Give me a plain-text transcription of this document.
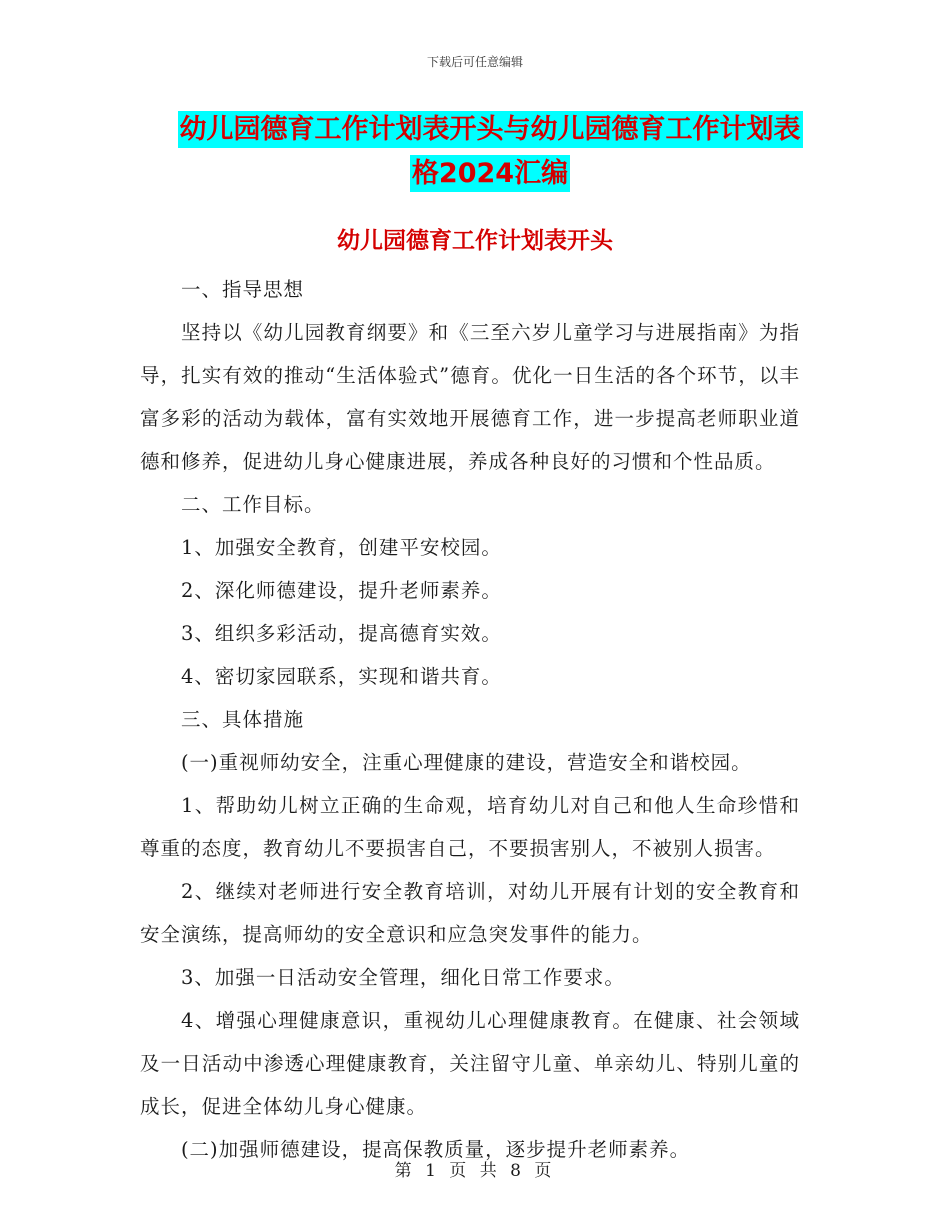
下载后可任意编辑
幼儿园德育工作计划表开头与幼儿园德育工作计划表
格2024汇编
幼儿园德育工作计划表开头

一、指导思想

坚持以《幼儿园教育纲要》和《三至六岁儿童学习与进展指南》为指导，扎实有效的推动“生活体验式”德育。优化一日生活的各个环节，以丰富多彩的活动为载体，富有实效地开展德育工作，进一步提高老师职业道德和修养，促进幼儿身心健康进展，养成各种良好的习惯和个性品质。

二、工作目标。

1、加强安全教育，创建平安校园。

2、深化师德建设，提升老师素养。

3、组织多彩活动，提高德育实效。

4、密切家园联系，实现和谐共育。

三、具体措施

(一)重视师幼安全，注重心理健康的建设，营造安全和谐校园。

1、帮助幼儿树立正确的生命观，培育幼儿对自己和他人生命珍惜和尊重的态度，教育幼儿不要损害自己，不要损害别人，不被别人损害。

2、继续对老师进行安全教育培训，对幼儿开展有计划的安全教育和安全演练，提高师幼的安全意识和应急突发事件的能力。

3、加强一日活动安全管理，细化日常工作要求。

4、增强心理健康意识，重视幼儿心理健康教育。在健康、社会领域及一日活动中渗透心理健康教育，关注留守儿童、单亲幼儿、特别儿童的成长，促进全体幼儿身心健康。

(二)加强师德建设，提高保教质量，逐步提升老师素养。

第 1 页 共 8 页
